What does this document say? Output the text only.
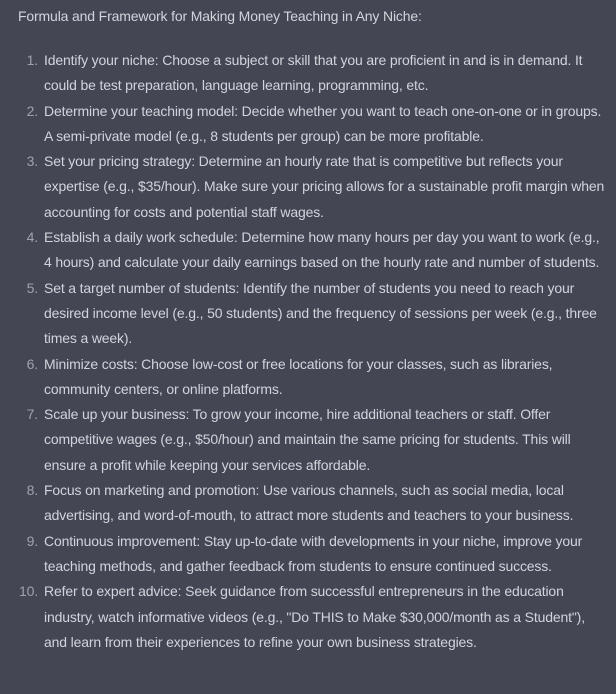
Formula and Framework for Making Money Teaching in Any Niche:

1. Identify your niche: Choose a subject or skill that you are proficient in and is in demand. It could be test preparation, language learning, programming, etc.
2. Determine your teaching model: Decide whether you want to teach one-on-one or in groups. A semi-private model (e.g., 8 students per group) can be more profitable.
3. Set your pricing strategy: Determine an hourly rate that is competitive but reflects your expertise (e.g., $35/hour). Make sure your pricing allows for a sustainable profit margin when accounting for costs and potential staff wages.
4. Establish a daily work schedule: Determine how many hours per day you want to work (e.g., 4 hours) and calculate your daily earnings based on the hourly rate and number of students.
5. Set a target number of students: Identify the number of students you need to reach your desired income level (e.g., 50 students) and the frequency of sessions per week (e.g., three times a week).
6. Minimize costs: Choose low-cost or free locations for your classes, such as libraries, community centers, or online platforms.
7. Scale up your business: To grow your income, hire additional teachers or staff. Offer competitive wages (e.g., $50/hour) and maintain the same pricing for students. This will ensure a profit while keeping your services affordable.
8. Focus on marketing and promotion: Use various channels, such as social media, local advertising, and word-of-mouth, to attract more students and teachers to your business.
9. Continuous improvement: Stay up-to-date with developments in your niche, improve your teaching methods, and gather feedback from students to ensure continued success.
10. Refer to expert advice: Seek guidance from successful entrepreneurs in the education industry, watch informative videos (e.g., "Do THIS to Make $30,000/month as a Student"), and learn from their experiences to refine your own business strategies.
